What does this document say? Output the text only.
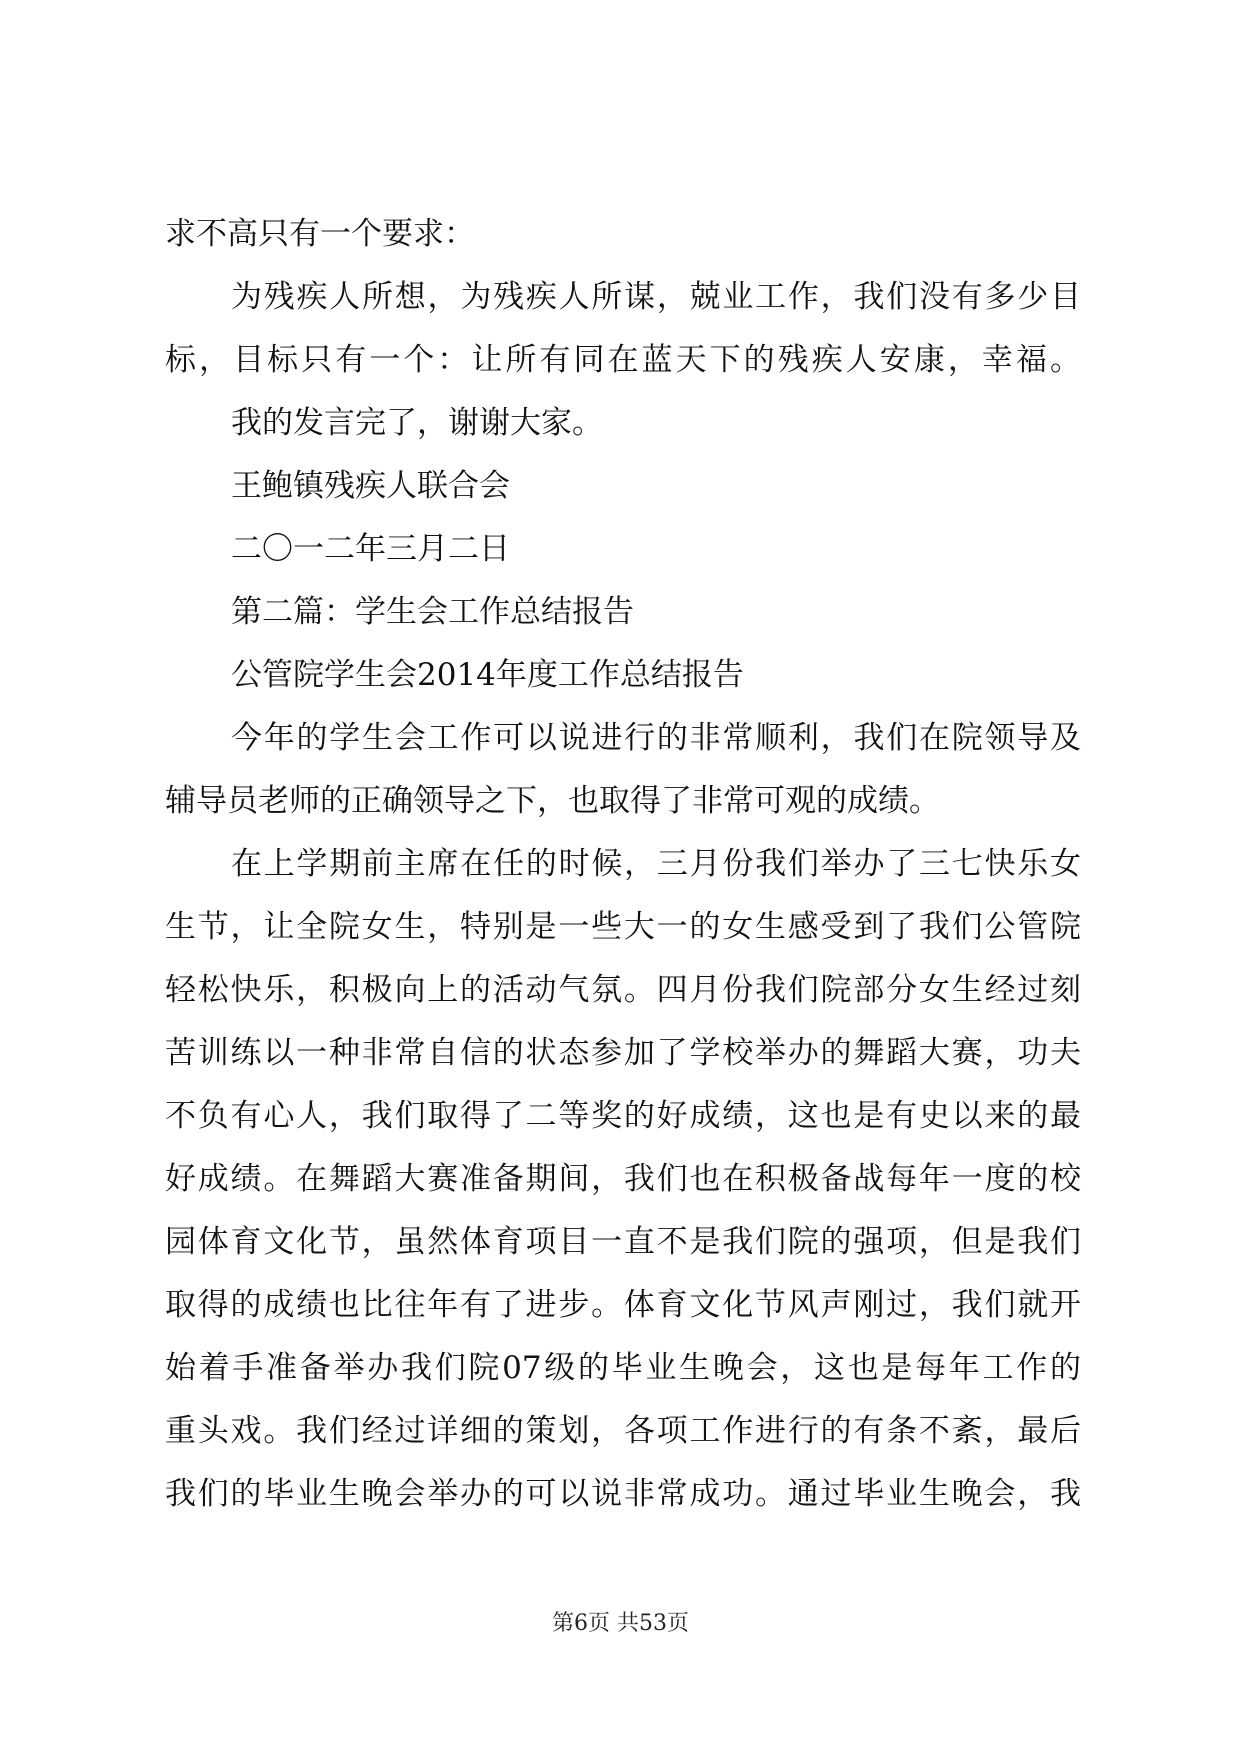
求不高只有一个要求：
为残疾人所想，为残疾人所谋，兢业工作，我们没有多少目
标，目标只有一个：让所有同在蓝天下的残疾人安康，幸福。
我的发言完了，谢谢大家。
王鲍镇残疾人联合会
二〇一二年三月二日
第二篇：学生会工作总结报告
公管院学生会2014年度工作总结报告
今年的学生会工作可以说进行的非常顺利，我们在院领导及
辅导员老师的正确领导之下，也取得了非常可观的成绩。
在上学期前主席在任的时候，三月份我们举办了三七快乐女
生节，让全院女生，特别是一些大一的女生感受到了我们公管院
轻松快乐，积极向上的活动气氛。四月份我们院部分女生经过刻
苦训练以一种非常自信的状态参加了学校举办的舞蹈大赛，功夫
不负有心人，我们取得了二等奖的好成绩，这也是有史以来的最
好成绩。在舞蹈大赛准备期间，我们也在积极备战每年一度的校
园体育文化节，虽然体育项目一直不是我们院的强项，但是我们
取得的成绩也比往年有了进步。体育文化节风声刚过，我们就开
始着手准备举办我们院07级的毕业生晚会，这也是每年工作的
重头戏。我们经过详细的策划，各项工作进行的有条不紊，最后
我们的毕业生晚会举办的可以说非常成功。通过毕业生晚会，我
第6页 共53页
